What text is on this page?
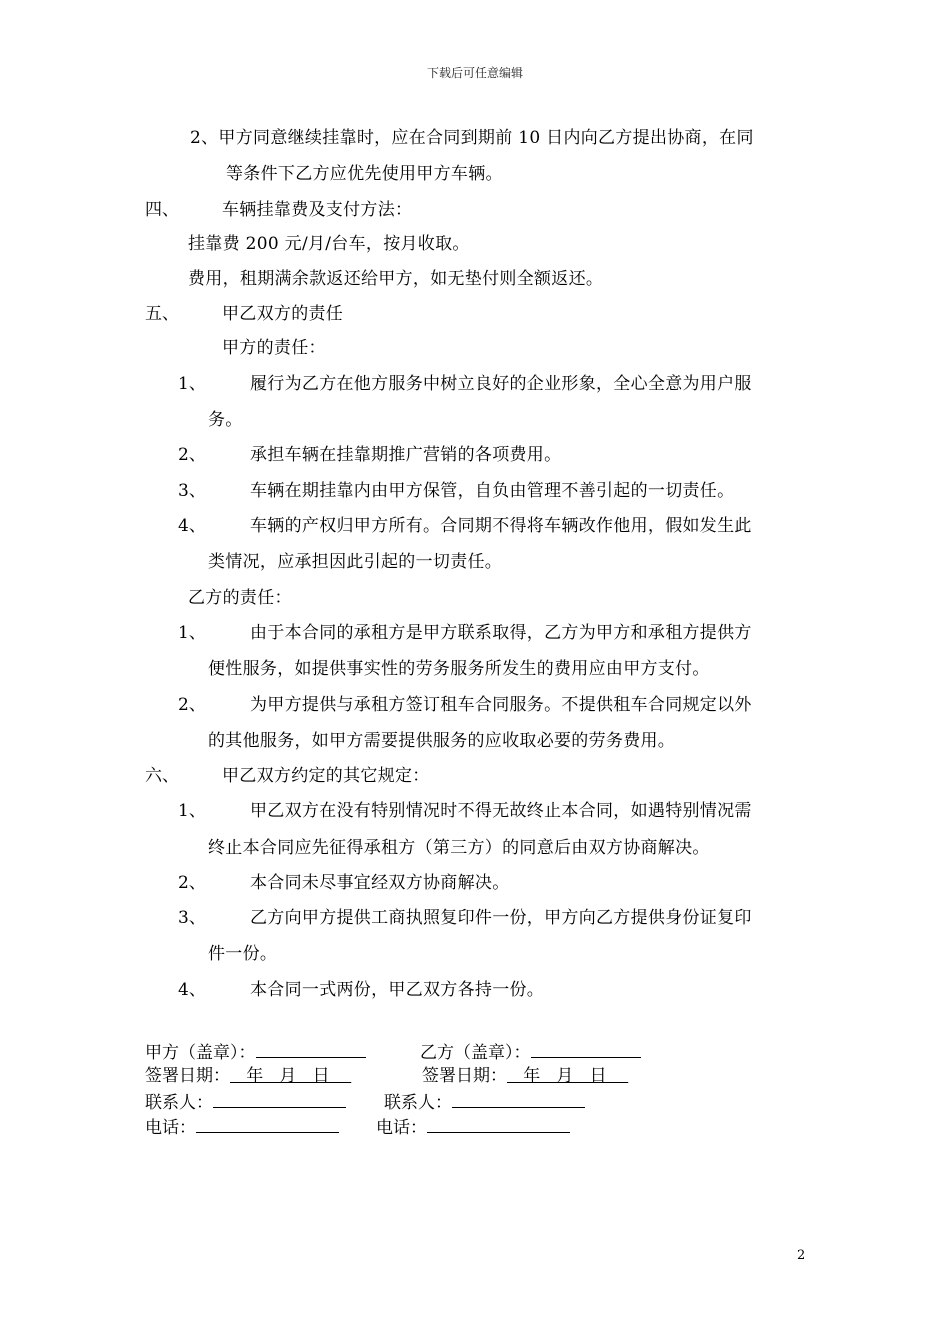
下载后可任意编辑
2、甲方同意继续挂靠时，应在合同到期前 10 日内向乙方提出协商，在同
等条件下乙方应优先使用甲方车辆。
四、	车辆挂靠费及支付方法：
挂靠费 200 元/月/台车，按月收取。
费用，租期满余款返还给甲方，如无垫付则全额返还。
五、	甲乙双方的责任
甲方的责任：
1、	履行为乙方在他方服务中树立良好的企业形象，全心全意为用户服
务。
2、	承担车辆在挂靠期推广营销的各项费用。
3、	车辆在期挂靠内由甲方保管，自负由管理不善引起的一切责任。
4、	车辆的产权归甲方所有。合同期不得将车辆改作他用，假如发生此
类情况，应承担因此引起的一切责任。
乙方的责任：
1、	由于本合同的承租方是甲方联系取得，乙方为甲方和承租方提供方
便性服务，如提供事实性的劳务服务所发生的费用应由甲方支付。
2、	为甲方提供与承租方签订租车合同服务。不提供租车合同规定以外
的其他服务，如甲方需要提供服务的应收取必要的劳务费用。
六、	甲乙双方约定的其它规定：
1、	甲乙双方在没有特别情况时不得无故终止本合同，如遇特别情况需
终止本合同应先征得承租方（第三方）的同意后由双方协商解决。
2、	本合同未尽事宜经双方协商解决。
3、	乙方向甲方提供工商执照复印件一份，甲方向乙方提供身份证复印
件一份。
4、	本合同一式两份，甲乙双方各持一份。
甲方（盖章）：	乙方（盖章）：
签署日期：   年   月   日	签署日期：   年   月   日
联系人：	联系人：
电话：	电话：
2
